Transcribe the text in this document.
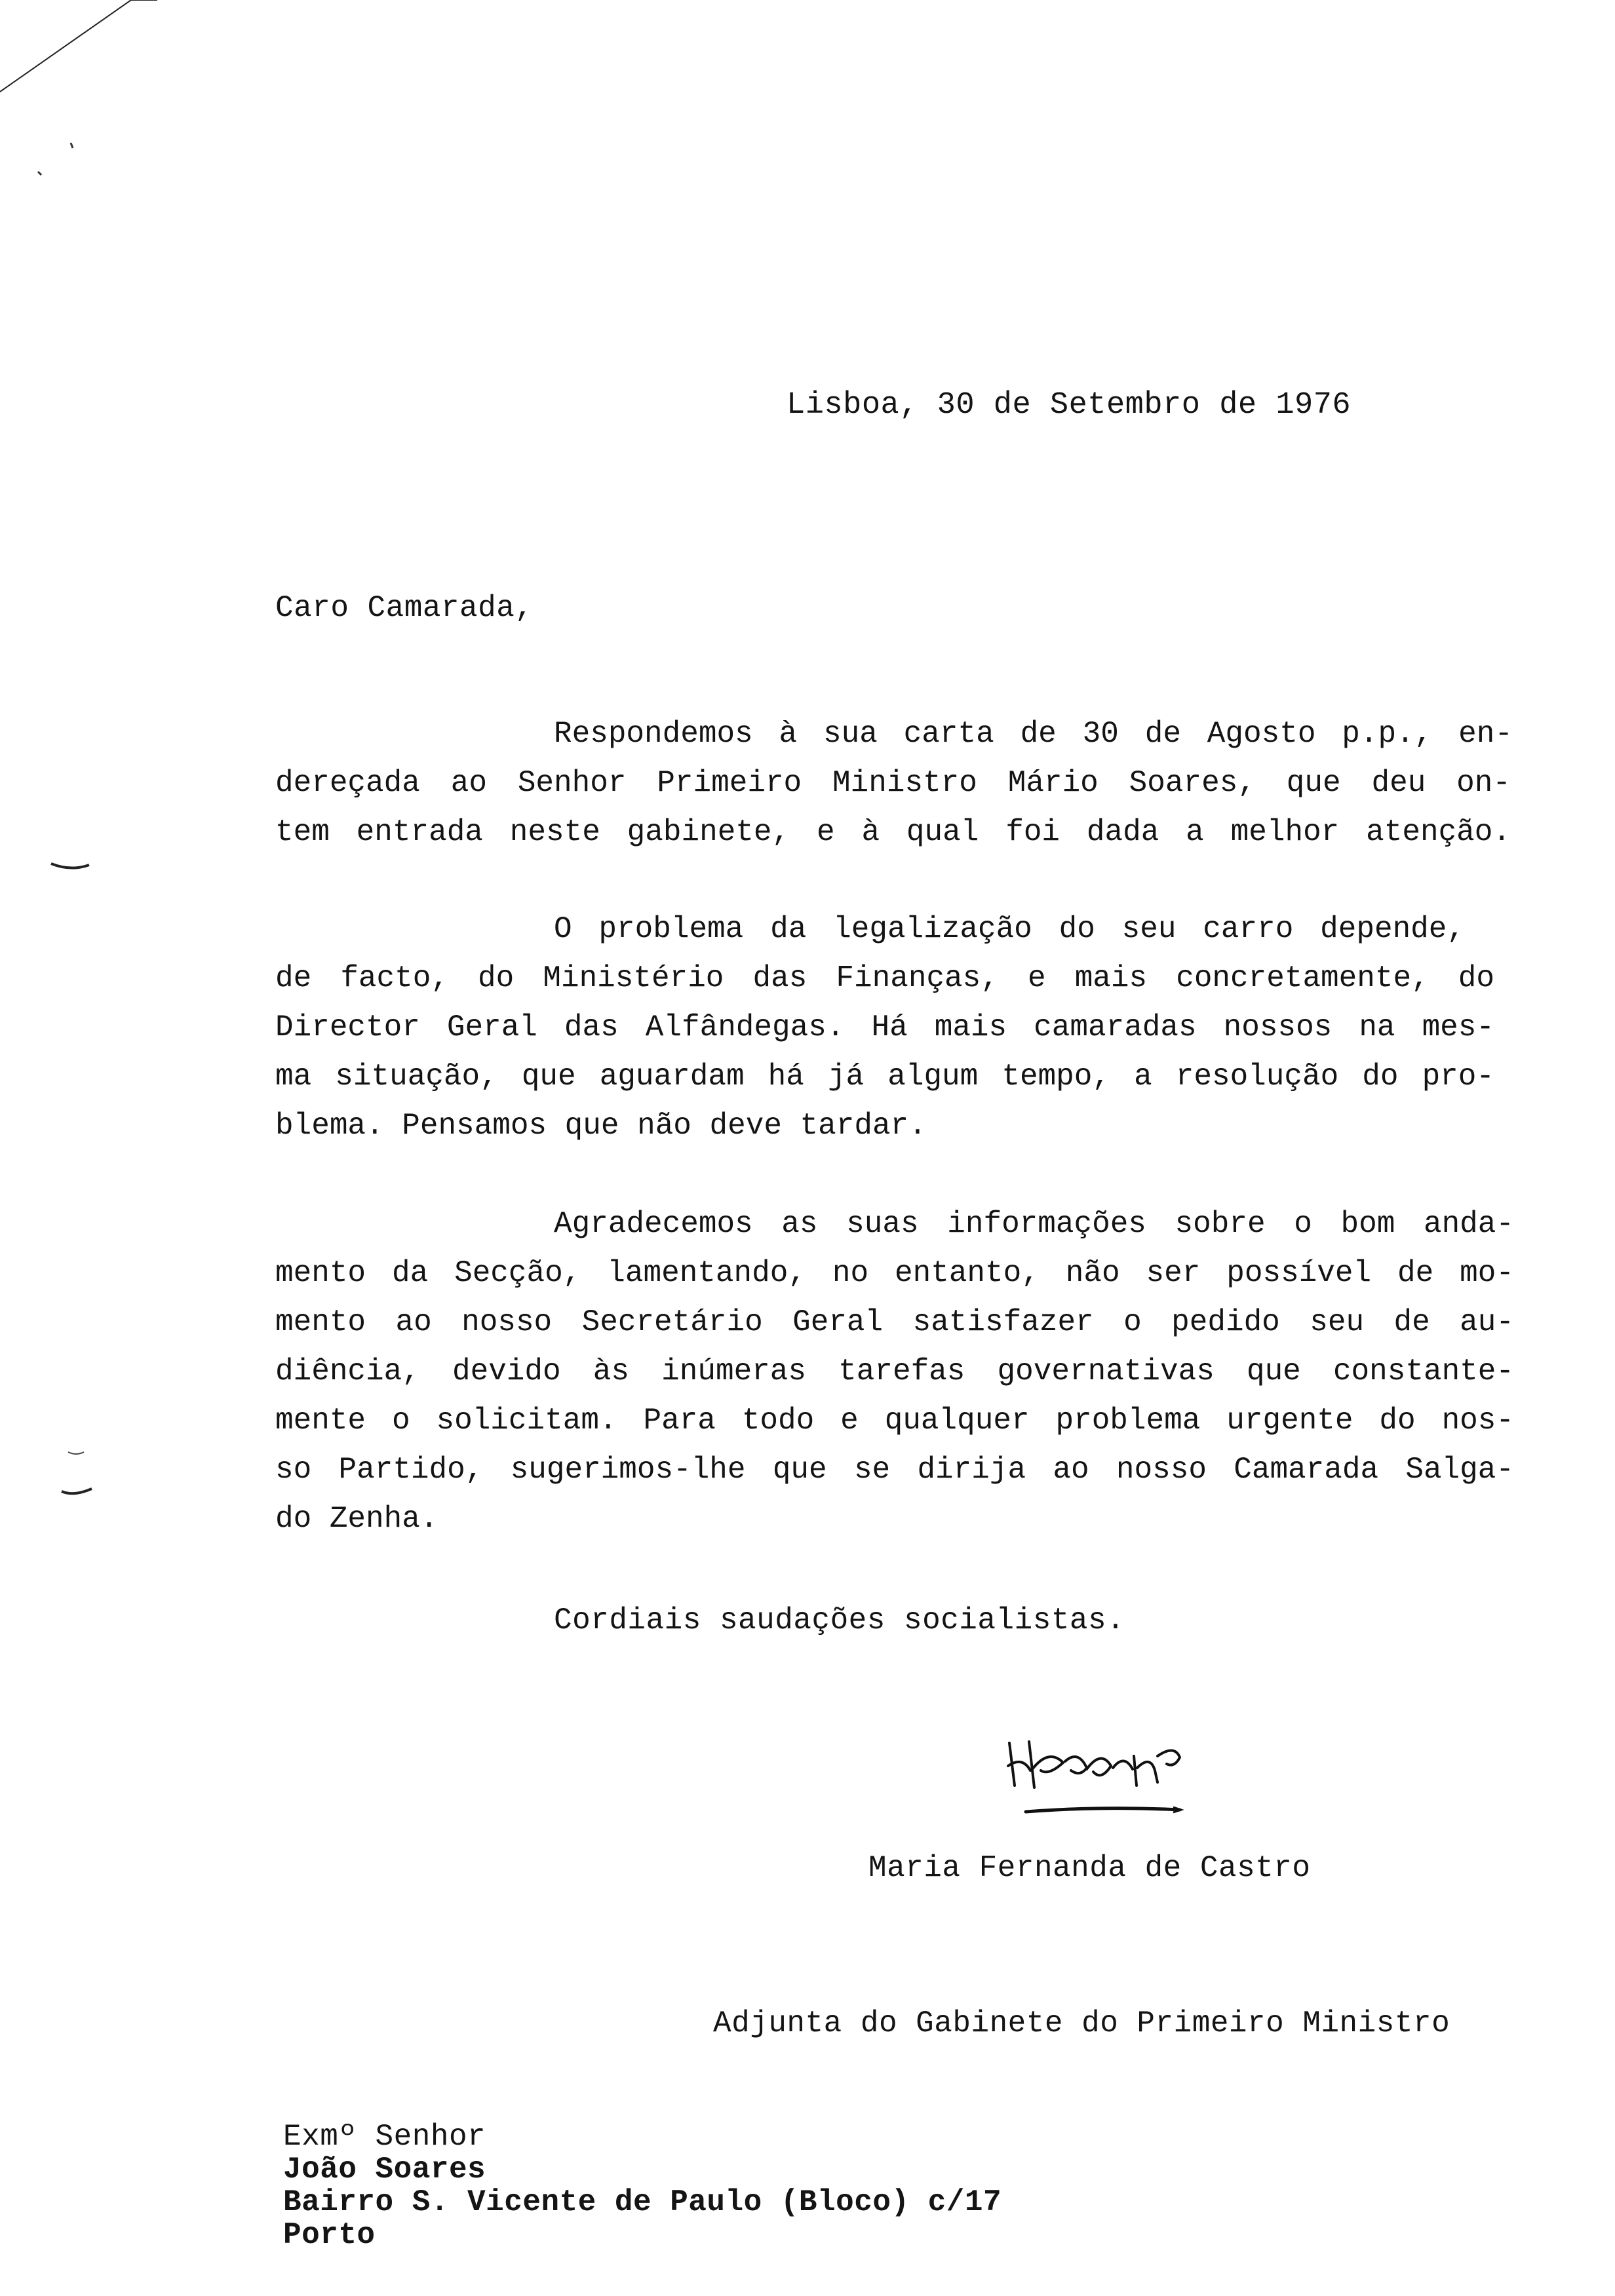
Lisboa, 30 de Setembro de 1976
Caro Camarada,
Respondemos à sua carta de 30 de Agosto p.p., en-
dereçada ao Senhor Primeiro Ministro Mário Soares, que deu on-
tem entrada neste gabinete, e à qual foi dada a melhor atenção.
O problema da legalização do seu carro depende,
de facto, do Ministério das Finanças, e mais concretamente, do
Director Geral das Alfândegas. Há mais camaradas nossos na mes-
ma situação, que aguardam há já algum tempo, a resolução do pro-
blema. Pensamos que não deve tardar.
Agradecemos as suas informações sobre o bom anda-
mento da Secção, lamentando, no entanto, não ser possível de mo-
mento ao nosso Secretário Geral satisfazer o pedido seu de au-
diência, devido às inúmeras tarefas governativas que constante-
mente o solicitam. Para todo e qualquer problema urgente do nos-
so Partido, sugerimos-lhe que se dirija ao nosso Camarada Salga-
do Zenha.
Cordiais saudações socialistas.
Maria Fernanda de Castro
Adjunta do Gabinete do Primeiro Ministro
Exmº Senhor
João Soares
Bairro S. Vicente de Paulo (Bloco) c/17
Porto
